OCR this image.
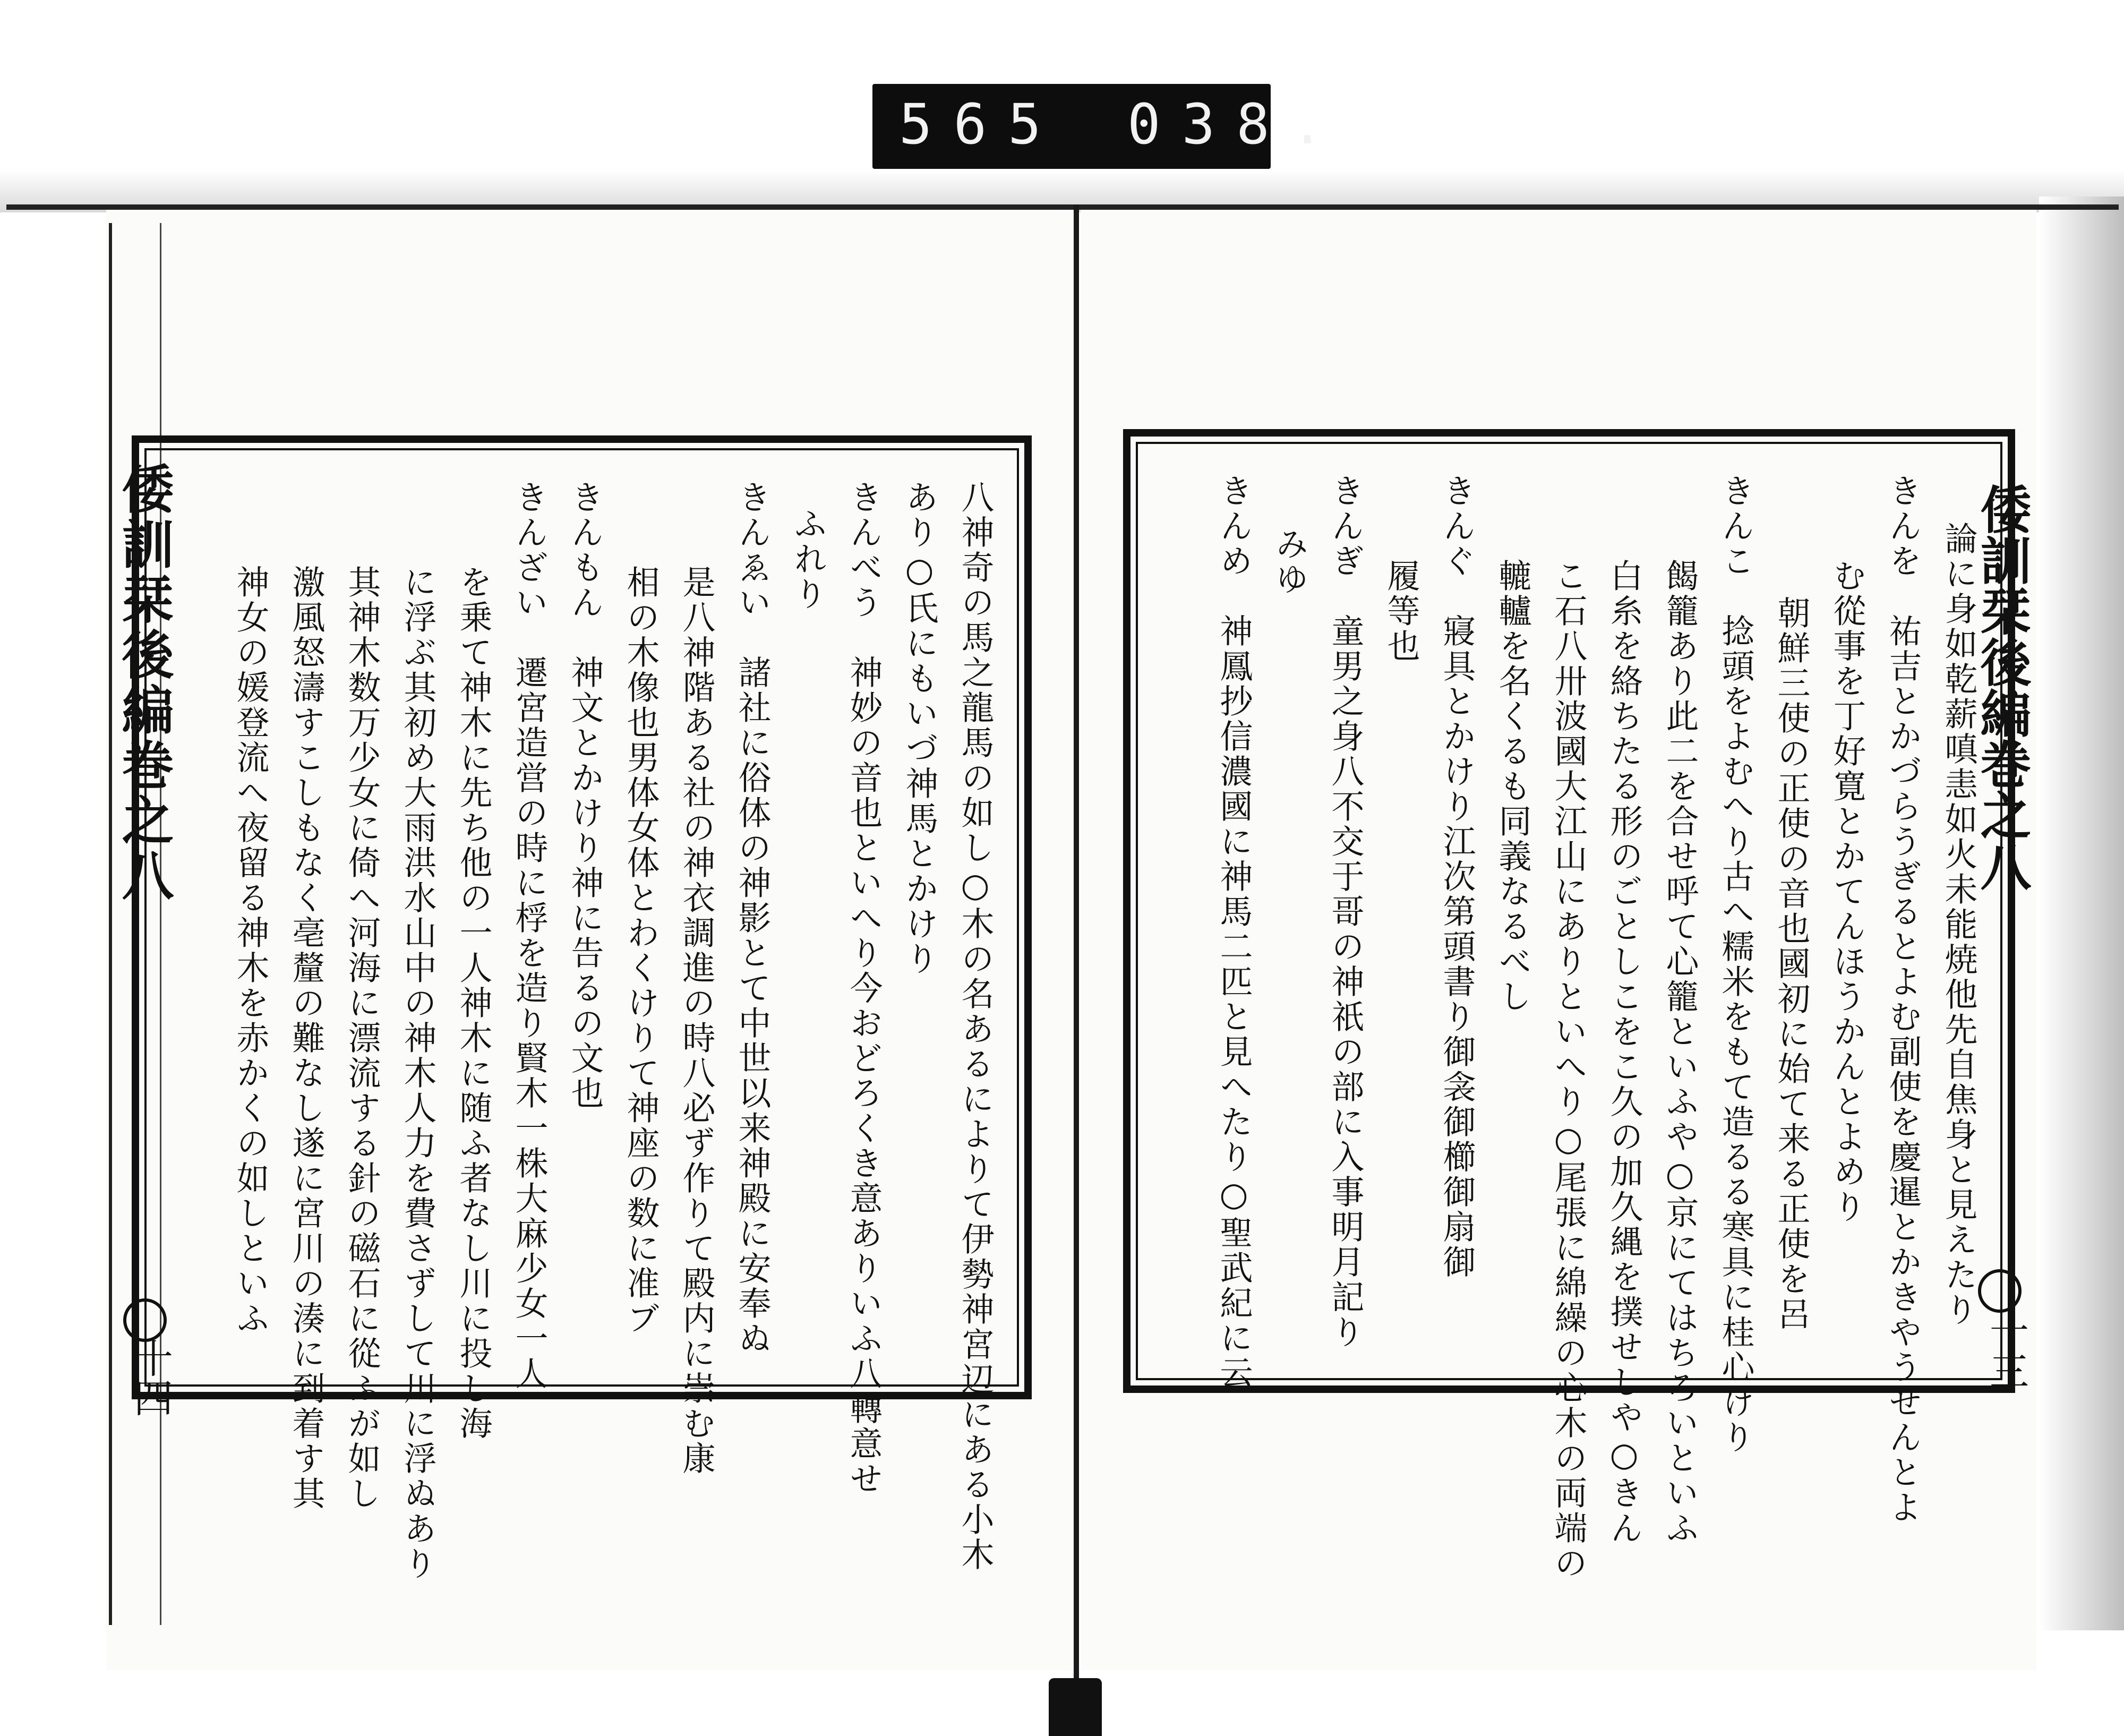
565 038.
倭訓栞後編巻之八
十四
倭訓栞後編巻之八
十三
八神奇の馬之龍馬の如し○木の名あるによりて伊勢神宮辺にある小木
あり○氏にもいづ神馬とかけり
きんべう　神妙の音也といへり今おどろくき意ありいふ八轉意せ
ふれり
きんゑい　諸社に俗体の神影とて中世以来神殿に安奉ぬ
是八神階ある社の神衣調進の時八必ず作りて殿内に崇む康
相の木像也男体女体とわくけりて神座の数に准ブ
きんもん　神文とかけり神に告るの文也
きんざい　遷宮造営の時に桴を造り賢木一株大麻少女一人
を乗て神木に先ち他の一人神木に随ふ者なし川に投し海
に浮ぶ其初め大雨洪水山中の神木人力を費さずして川に浮ぬあり
其神木数万少女に倚へ河海に漂流する針の磁石に從ふが如し
激風怒濤すこしもなく亳釐の難なし遂に宮川の湊に到着す其
神女の媛登流へ夜留る神木を赤かくの如しといふ	論に身如乾薪嗔恚如火未能焼他先自焦身と見えたり
きんを　祐吉とかづらうぎるとよむ副使を慶暹とかきやうせんとよ
む從事を丁好寛とかてんほうかんとよめり
朝鮮三使の正使の音也國初に始て来る正使を呂
きんこ　捻頭をよむへり古へ糯米をもて造るる寒具に桂心けり
餲籠あり此二を合せ呼て心籠といふや○京にてはちろいといふ
白糸を絡ちたる形のごとしこをこ久の加久縄を撲せしや○きん
こ石八卅波國大江山にありといへり○尾張に綿繰の心木の両端の
轆轤を名くるも同義なるべし
きんぐ　寢具とかけり江次第頭書り御衾御櫛御扇御
履等也
きんぎ　童男之身八不交于哥の神祇の部に入事明月記り
みゆ
きんめ　神鳳抄信濃國に神馬二匹と見へたり○聖武紀に云
